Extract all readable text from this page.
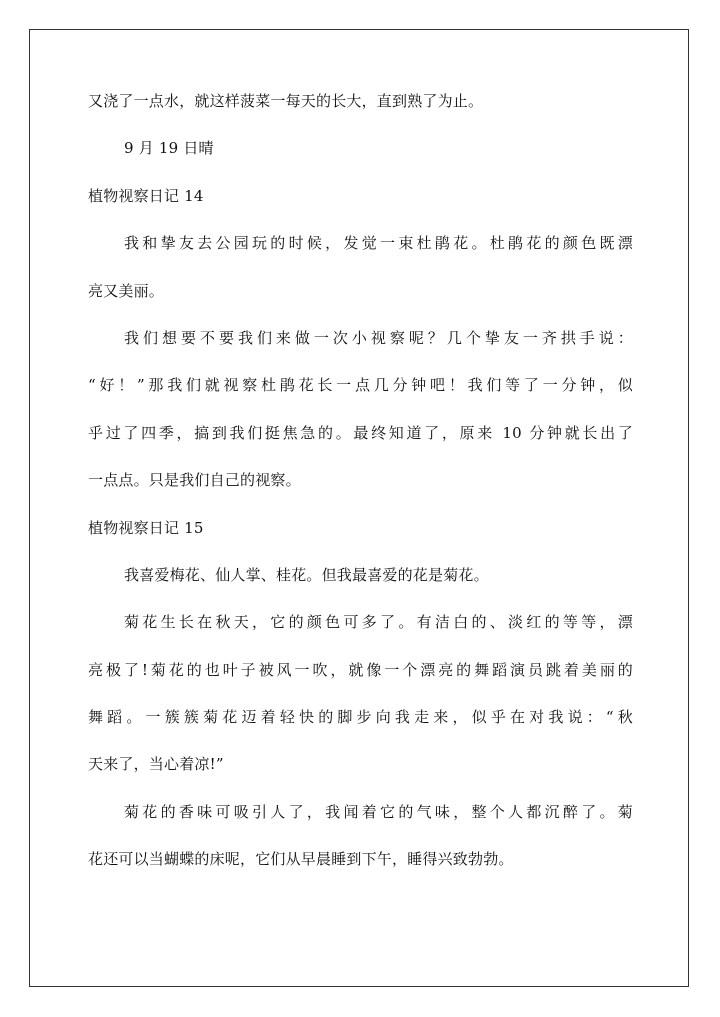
又浇了一点水，就这样菠菜一每天的长大，直到熟了为止。
9 月 19 日晴
植物视察日记 14
我和挚友去公园玩的时候，发觉一束杜鹃花。杜鹃花的颜色既漂
亮又美丽。
我们想要不要我们来做一次小视察呢？几个挚友一齐拱手说：
“好！”那我们就视察杜鹃花长一点几分钟吧！我们等了一分钟，似
乎过了四季，搞到我们挺焦急的。最终知道了，原来 10 分钟就长出了
一点点。只是我们自己的视察。
植物视察日记 15
我喜爱梅花、仙人掌、桂花。但我最喜爱的花是菊花。
菊花生长在秋天，它的颜色可多了。有洁白的、淡红的等等，漂
亮极了!菊花的也叶子被风一吹，就像一个漂亮的舞蹈演员跳着美丽的
舞蹈。一簇簇菊花迈着轻快的脚步向我走来，似乎在对我说：“秋
天来了，当心着凉!”
菊花的香味可吸引人了，我闻着它的气味，整个人都沉醉了。菊
花还可以当蝴蝶的床呢，它们从早晨睡到下午，睡得兴致勃勃。
